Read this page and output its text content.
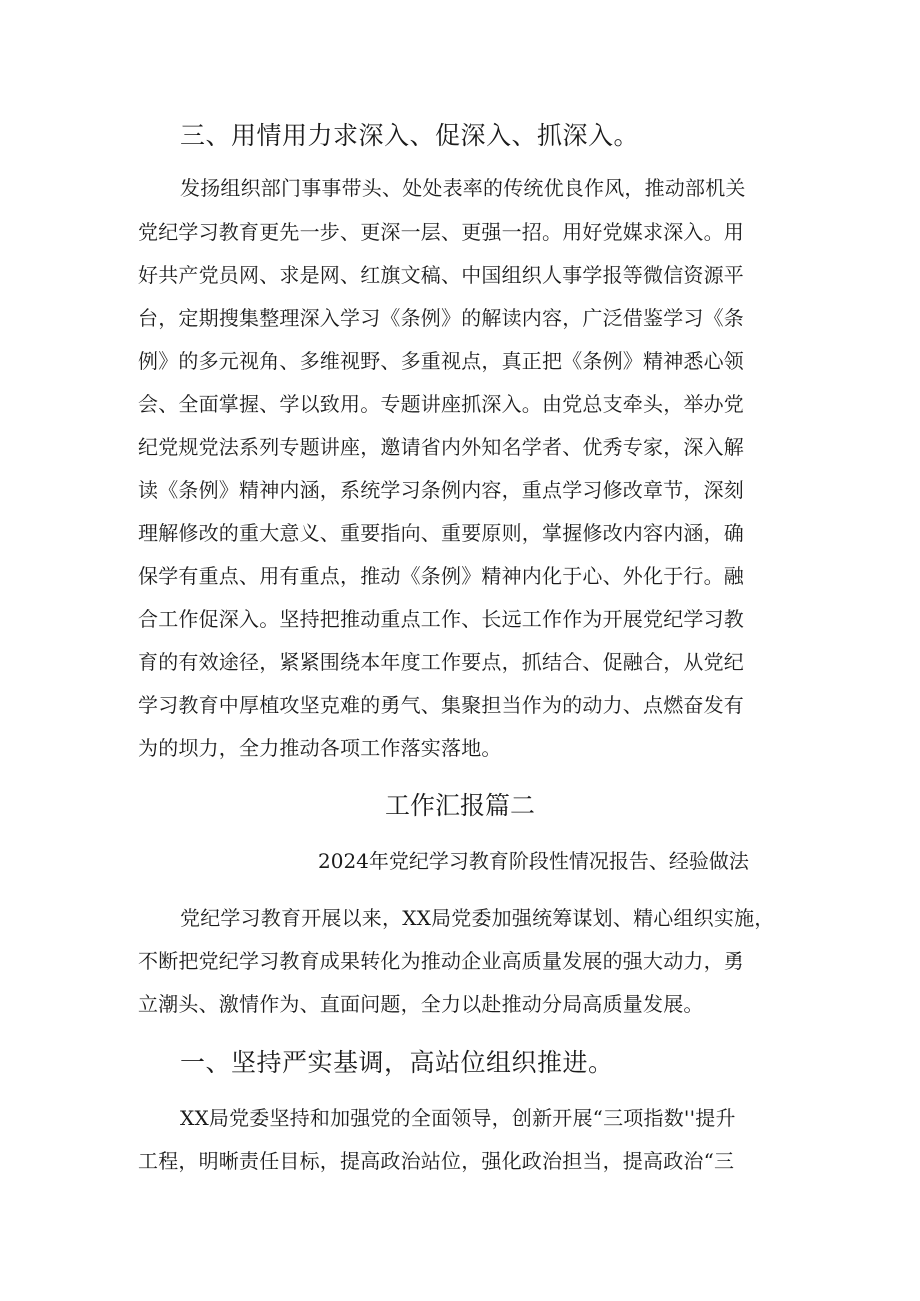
三、用情用力求深入、促深入、抓深入。

发扬组织部门事事带头、处处表率的传统优良作风，推动部机关

党纪学习教育更先一步、更深一层、更强一招。用好党媒求深入。用

好共产党员网、求是网、红旗文稿、中国组织人事学报等微信资源平

台，定期搜集整理深入学习《条例》的解读内容，广泛借鉴学习《条

例》的多元视角、多维视野、多重视点，真正把《条例》精神悉心领

会、全面掌握、学以致用。专题讲座抓深入。由党总支牵头，举办党

纪党规党法系列专题讲座，邀请省内外知名学者、优秀专家，深入解

读《条例》精神内涵，系统学习条例内容，重点学习修改章节，深刻

理解修改的重大意义、重要指向、重要原则，掌握修改内容内涵，确

保学有重点、用有重点，推动《条例》精神内化于心、外化于行。融

合工作促深入。坚持把推动重点工作、长远工作作为开展党纪学习教

育的有效途径，紧紧围绕本年度工作要点，抓结合、促融合，从党纪

学习教育中厚植攻坚克难的勇气、集聚担当作为的动力、点燃奋发有

为的坝力，全力推动各项工作落实落地。

工作汇报篇二

2024年党纪学习教育阶段性情况报告、经验做法

党纪学习教育开展以来，XX局党委加强统筹谋划、精心组织实施，

不断把党纪学习教育成果转化为推动企业高质量发展的强大动力，勇

立潮头、激情作为、直面问题，全力以赴推动分局高质量发展。

一、坚持严实基调，高站位组织推进。

XX局党委坚持和加强党的全面领导，创新开展“三项指数''提升

工程，明晰责任目标，提高政治站位，强化政治担当，提高政治“三
